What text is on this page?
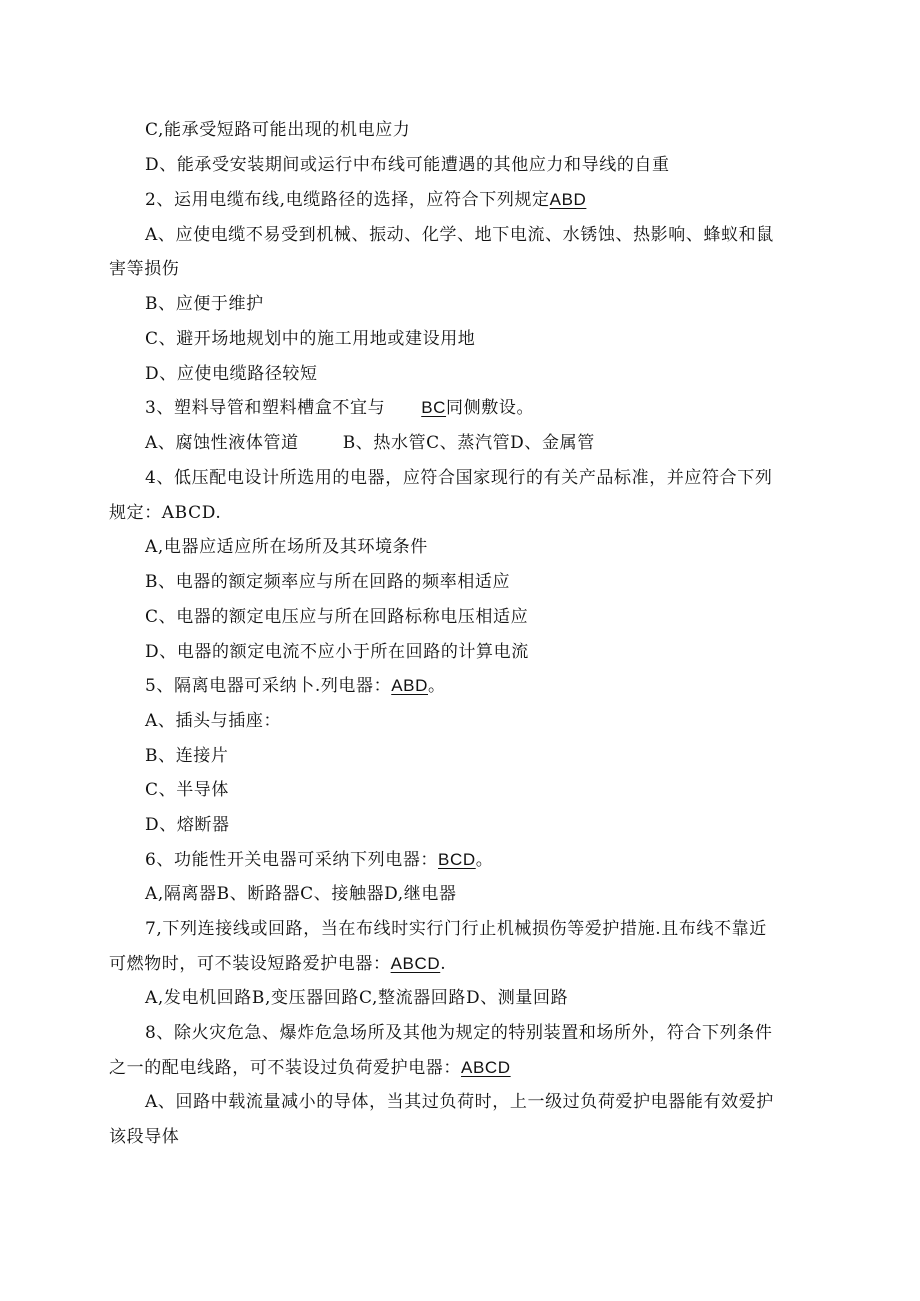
C,能承受短路可能出现的机电应力
D、能承受安装期间或运行中布线可能遭遇的其他应力和导线的自重
2、运用电缆布线,电缆路径的选择，应符合下列规定ABD
A、应使电缆不易受到机械、振动、化学、地下电流、水锈蚀、热影响、蜂蚁和鼠
害等损伤
B、应便于维护
C、避开场地规划中的施工用地或建设用地
D、应使电缆路径较短
3、塑料导管和塑料槽盒不宜与 BC同侧敷设。
A、腐蚀性液体管道	B、热水管C、蒸汽管D、金属管
4、低压配电设计所选用的电器，应符合国家现行的有关产品标准，并应符合下列
规定：ABCD.
A,电器应适应所在场所及其环境条件
B、电器的额定频率应与所在回路的频率相适应
C、电器的额定电压应与所在回路标称电压相适应
D、电器的额定电流不应小于所在回路的计算电流
5、隔离电器可采纳卜.列电器：ABD。
A、插头与插座：
B、连接片
C、半导体
D、熔断器
6、功能性开关电器可采纳下列电器：BCD。
A,隔离器B、断路器C、接触器D,继电器
7,下列连接线或回路，当在布线时实行门行止机械损伤等爱护措施.且布线不靠近
可燃物时，可不装设短路爱护电器：ABCD.
A,发电机回路B,变压器回路C,整流器回路D、测量回路
8、除火灾危急、爆炸危急场所及其他为规定的特别装置和场所外，符合下列条件
之一的配电线路，可不装设过负荷爱护电器：ABCD
A、回路中载流量减小的导体，当其过负荷时，上一级过负荷爱护电器能有效爱护
该段导体
